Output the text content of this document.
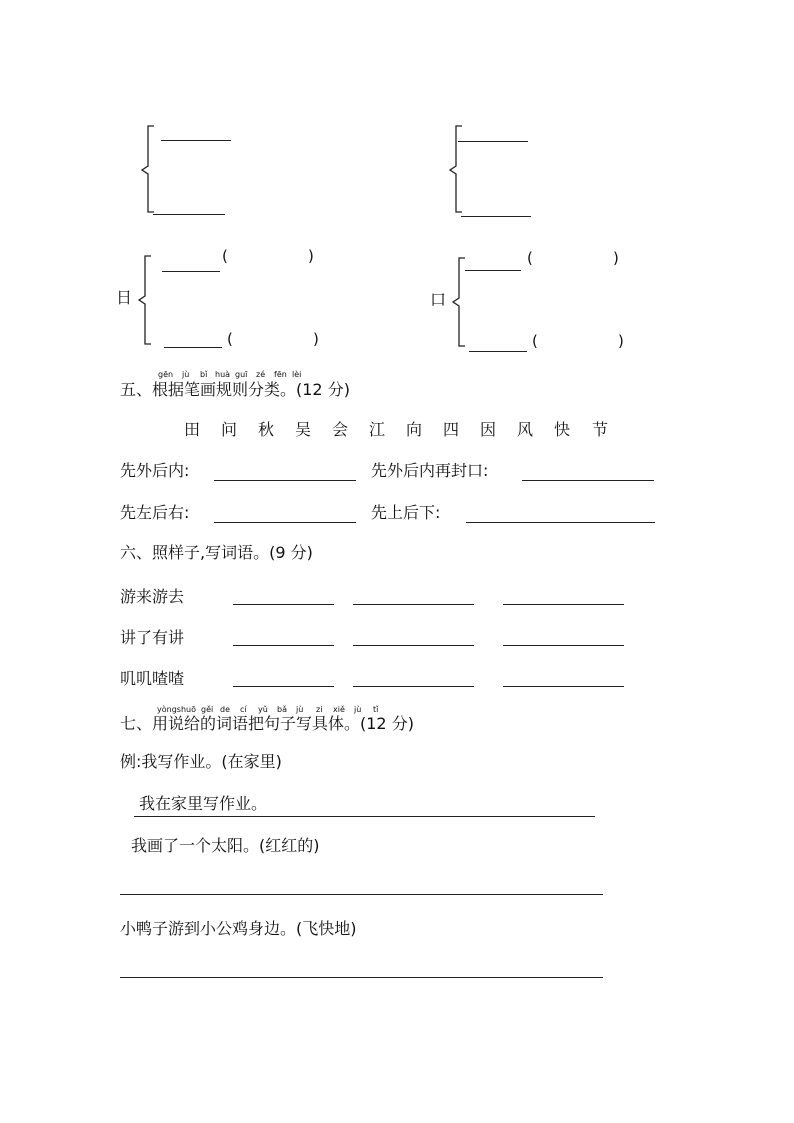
日
(	)
(	)
口
(	)
(	)
gēn jù bǐ huà guī zé fēn lèi
五、根据笔画规则分类。(12 分)
田 问 秋 吴 会 江 向 四 因 风 快 节
先外后内:	先外后内再封口:
先左后右:	先上后下:
六、照样子,写词语。(9 分)
游来游去
讲了有讲
叽叽喳喳
yòngshuō gěi de cí yǔ bǎ jù zi xiě jù tǐ
七、用说给的词语把句子写具体。(12 分)
例:我写作业。(在家里)
我在家里写作业。
我画了一个太阳。(红红的)
小鸭子游到小公鸡身边。(飞快地)
